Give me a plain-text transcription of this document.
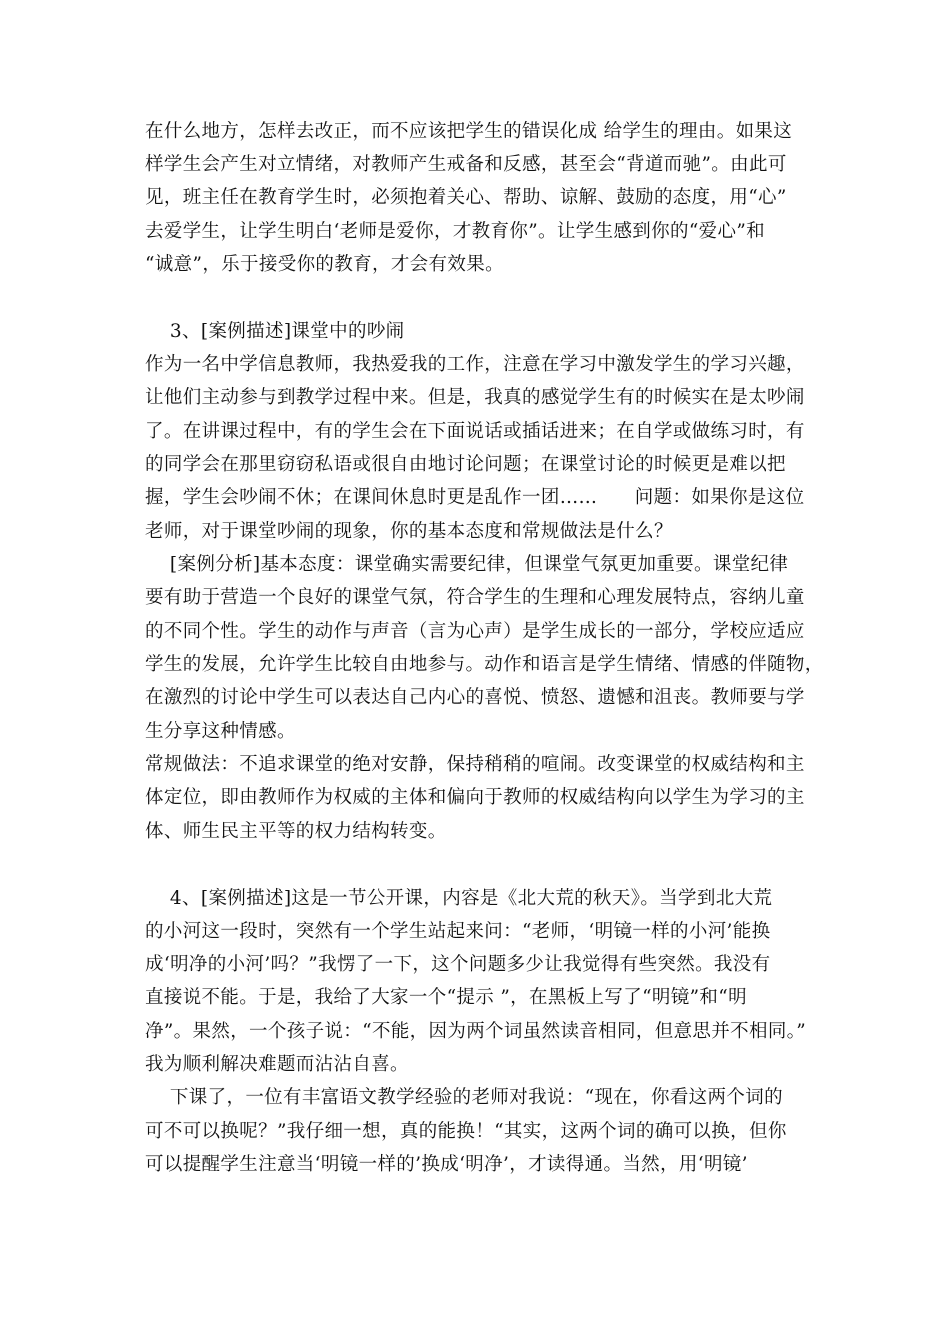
在什么地方，怎样去改正，而不应该把学生的错误化成 给学生的理由。如果这
样学生会产生对立情绪，对教师产生戒备和反感，甚至会“背道而驰”。由此可
见，班主任在教育学生时，必须抱着关心、帮助、谅解、鼓励的态度，用“心”
去爱学生，让学生明白‘老师是爱你，才教育你”。让学生感到你的“爱心”和
“诚意”，乐于接受你的教育，才会有效果。
3、[案例描述]课堂中的吵闹
作为一名中学信息教师，我热爱我的工作，注意在学习中激发学生的学习兴趣，
让他们主动参与到教学过程中来。但是，我真的感觉学生有的时候实在是太吵闹
了。在讲课过程中，有的学生会在下面说话或插话进来；在自学或做练习时，有
的同学会在那里窃窃私语或很自由地讨论问题；在课堂讨论的时候更是难以把
握，学生会吵闹不休；在课间休息时更是乱作一团……      问题：如果你是这位
老师，对于课堂吵闹的现象，你的基本态度和常规做法是什么？
[案例分析]基本态度：课堂确实需要纪律，但课堂气氛更加重要。课堂纪律
要有助于营造一个良好的课堂气氛，符合学生的生理和心理发展特点，容纳儿童
的不同个性。学生的动作与声音（言为心声）是学生成长的一部分，学校应适应
学生的发展，允许学生比较自由地参与。动作和语言是学生情绪、情感的伴随物，
在激烈的讨论中学生可以表达自己内心的喜悦、愤怒、遗憾和沮丧。教师要与学
生分享这种情感。
常规做法：不追求课堂的绝对安静，保持稍稍的喧闹。改变课堂的权威结构和主
体定位，即由教师作为权威的主体和偏向于教师的权威结构向以学生为学习的主
体、师生民主平等的权力结构转变。
4、[案例描述]这是一节公开课，内容是《北大荒的秋天》。当学到北大荒
的小河这一段时，突然有一个学生站起来问：“老师，‘明镜一样的小河’能换
成‘明净的小河’吗？”我愣了一下，这个问题多少让我觉得有些突然。我没有
直接说不能。于是，我给了大家一个“提示 ”，在黑板上写了“明镜”和“明
净”。果然，一个孩子说：“不能，因为两个词虽然读音相同，但意思并不相同。”
我为顺利解决难题而沾沾自喜。
下课了，一位有丰富语文教学经验的老师对我说：“现在，你看这两个词的
可不可以换呢？”我仔细一想，真的能换！“其实，这两个词的确可以换，但你
可以提醒学生注意当‘明镜一样的’换成‘明净’，才读得通。当然，用‘明镜’
